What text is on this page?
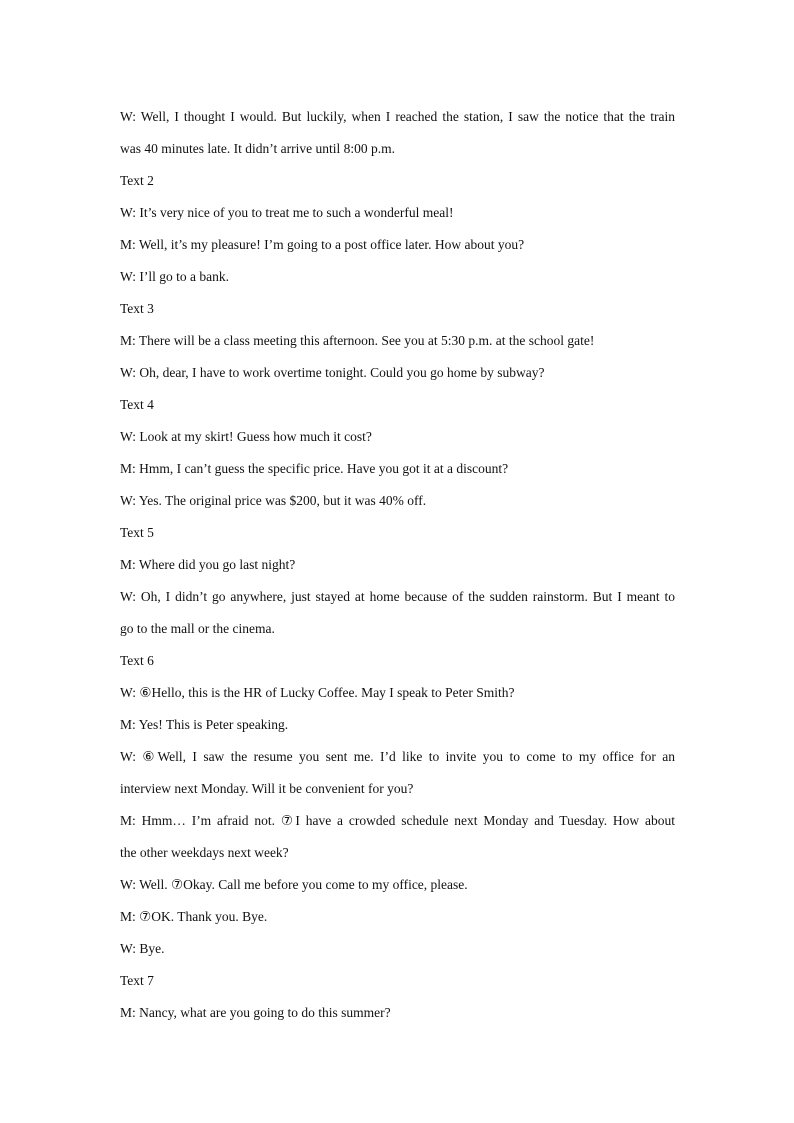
W: Well, I thought I would. But luckily, when I reached the station, I saw the notice that the train
was 40 minutes late. It didn’t arrive until 8:00 p.m.
Text 2
W: It’s very nice of you to treat me to such a wonderful meal!
M: Well, it’s my pleasure! I’m going to a post office later. How about you?
W: I’ll go to a bank.
Text 3
M: There will be a class meeting this afternoon. See you at 5:30 p.m. at the school gate!
W: Oh, dear, I have to work overtime tonight. Could you go home by subway?
Text 4
W: Look at my skirt! Guess how much it cost?
M: Hmm, I can’t guess the specific price. Have you got it at a discount?
W: Yes. The original price was $200, but it was 40% off.
Text 5
M: Where did you go last night?
W: Oh, I didn’t go anywhere, just stayed at home because of the sudden rainstorm. But I meant to
go to the mall or the cinema.
Text 6
W: ⑥Hello, this is the HR of Lucky Coffee. May I speak to Peter Smith?
M: Yes! This is Peter speaking.
W: ⑥Well, I saw the resume you sent me. I’d like to invite you to come to my office for an
interview next Monday. Will it be convenient for you?
M: Hmm… I’m afraid not. ⑦I have a crowded schedule next Monday and Tuesday. How about
the other weekdays next week?
W: Well. ⑦Okay. Call me before you come to my office, please.
M: ⑦OK. Thank you. Bye.
W: Bye.
Text 7
M: Nancy, what are you going to do this summer?
